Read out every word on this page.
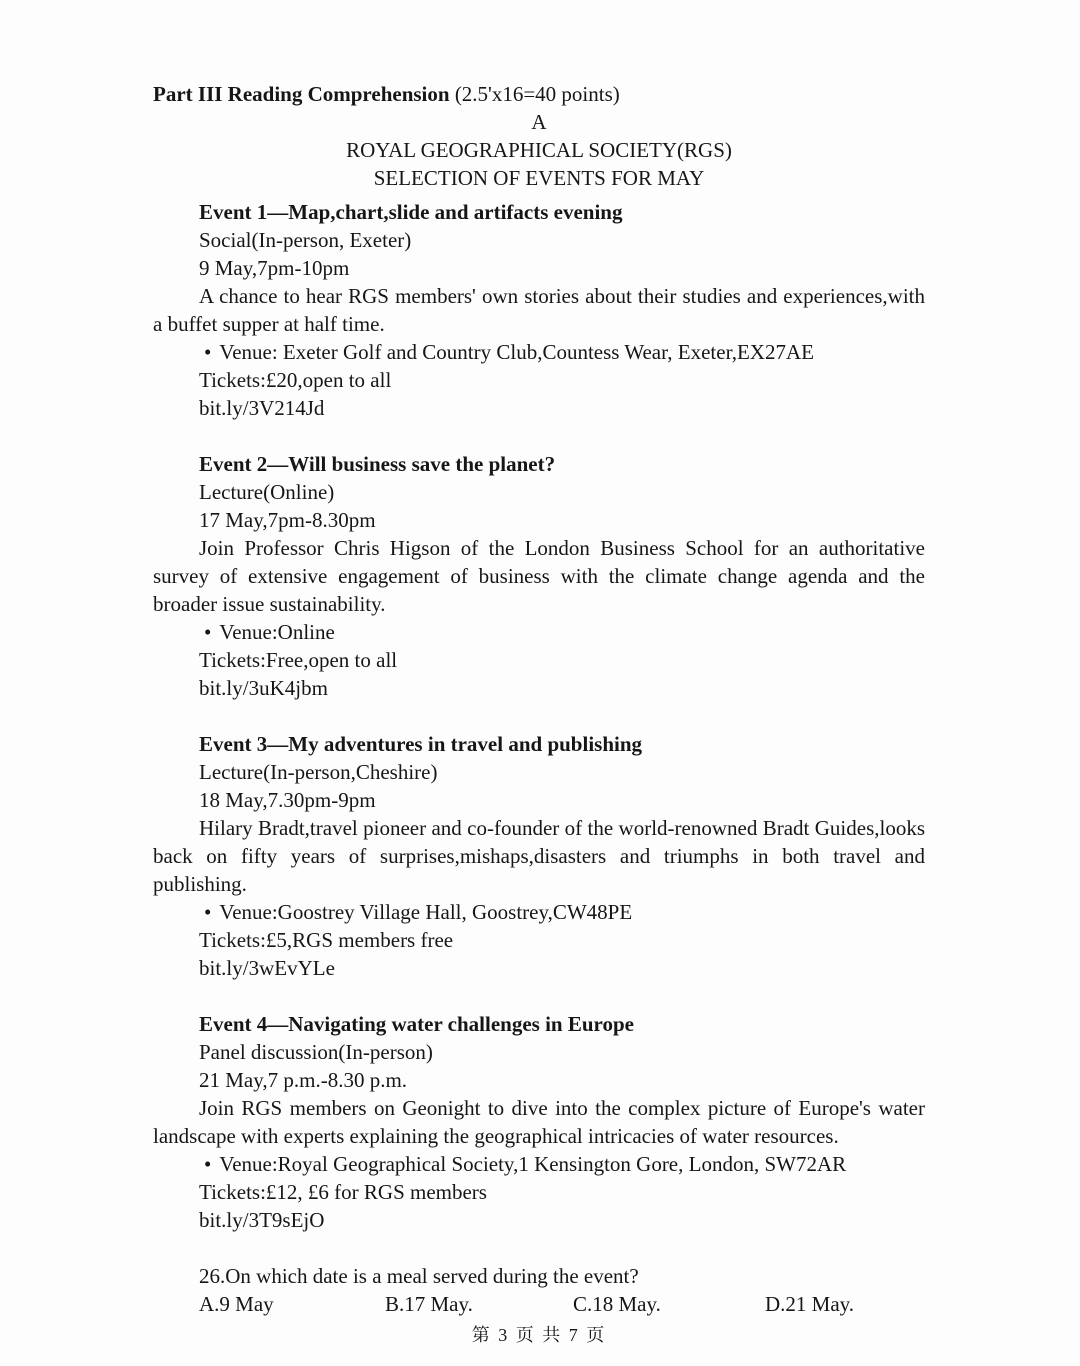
Part III Reading Comprehension (2.5'x16=40 points)
A
ROYAL GEOGRAPHICAL SOCIETY(RGS)
SELECTION OF EVENTS FOR MAY
Event 1—Map,chart,slide and artifacts evening
Social(In-person, Exeter)
9 May,7pm-10pm
A chance to hear RGS members' own stories about their studies and experiences,with a buffet supper at half time.
• Venue: Exeter Golf and Country Club,Countess Wear, Exeter,EX27AE
Tickets:£20,open to all
bit.ly/3V214Jd
Event 2—Will business save the planet?
Lecture(Online)
17 May,7pm-8.30pm
Join Professor Chris Higson of the London Business School for an authoritative survey of extensive engagement of business with the climate change agenda and the broader issue sustainability.
• Venue:Online
Tickets:Free,open to all
bit.ly/3uK4jbm
Event 3—My adventures in travel and publishing
Lecture(In-person,Cheshire)
18 May,7.30pm-9pm
Hilary Bradt,travel pioneer and co-founder of the world-renowned Bradt Guides,looks back on fifty years of surprises,mishaps,disasters and triumphs in both travel and publishing.
• Venue:Goostrey Village Hall, Goostrey,CW48PE
Tickets:£5,RGS members free
bit.ly/3wEvYLe
Event 4—Navigating water challenges in Europe
Panel discussion(In-person)
21 May,7 p.m.-8.30 p.m.
Join RGS members on Geonight to dive into the complex picture of Europe's water landscape with experts explaining the geographical intricacies of water resources.
• Venue:Royal Geographical Society,1 Kensington Gore, London, SW72AR
Tickets:£12, £6 for RGS members
bit.ly/3T9sEjO
26.On which date is a meal served during the event?
A.9 May	B.17 May.	C.18 May.	D.21 May.
第 3 页 共 7 页
